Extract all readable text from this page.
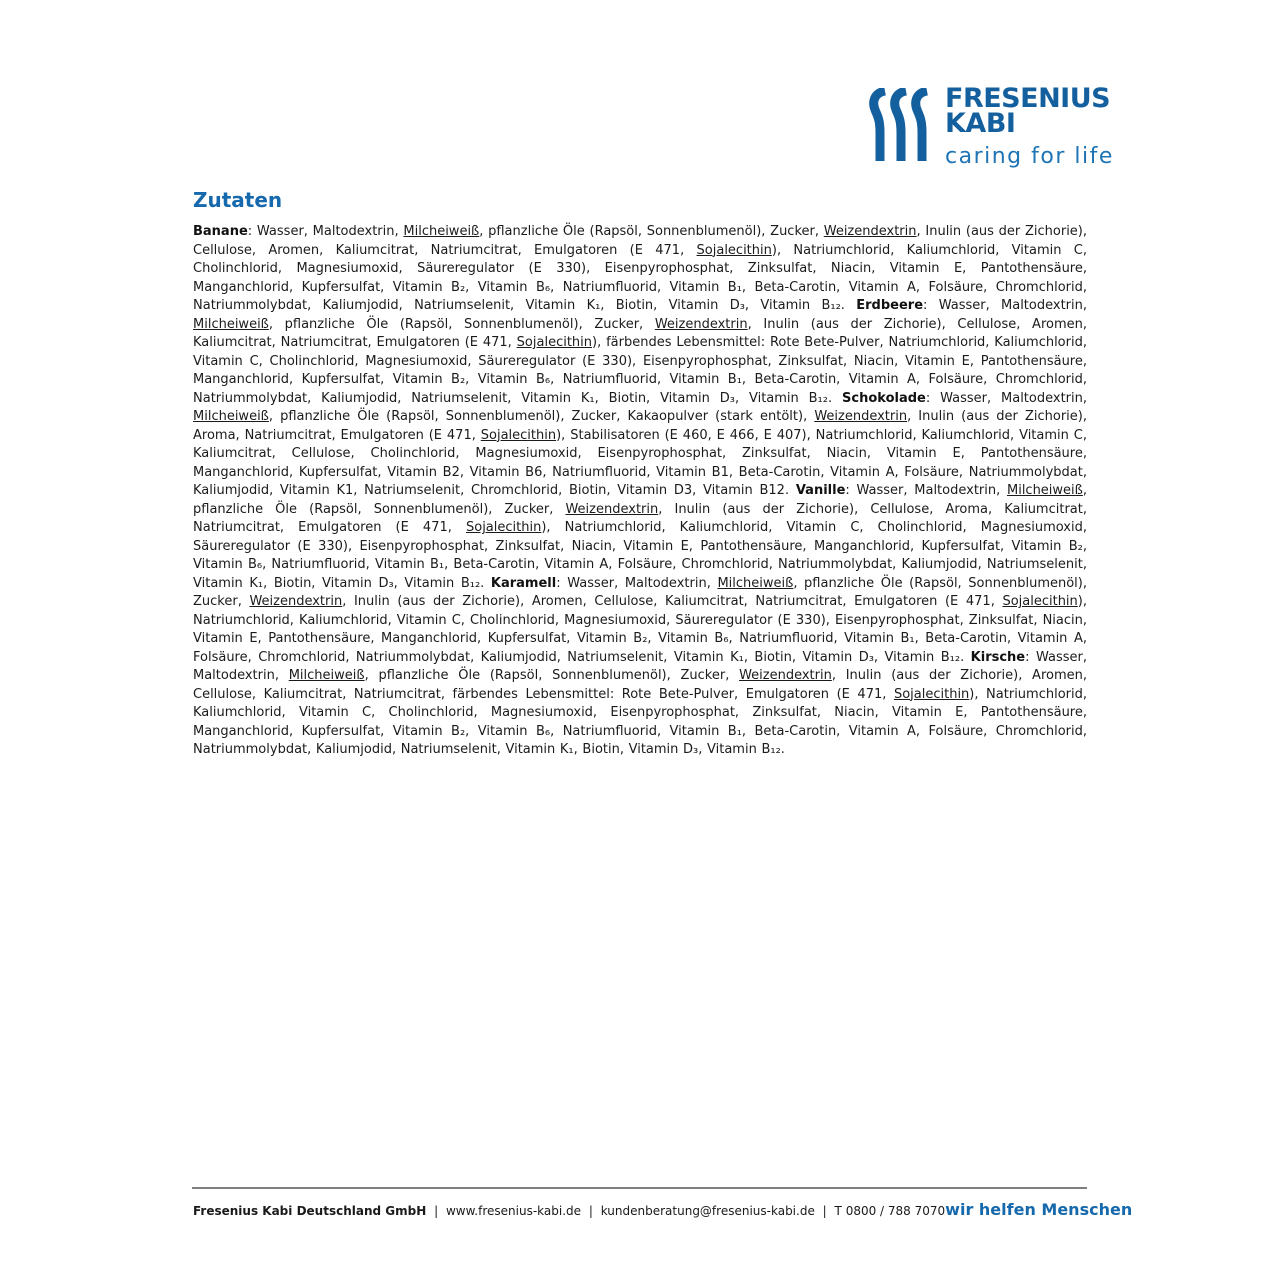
FRESENIUS
KABI
caring for life
Zutaten

Banane: Wasser, Maltodextrin, Milcheiweiß, pflanzliche Öle (Rapsöl, Sonnenblumenöl), Zucker, Weizendextrin, Inulin (aus der Zichorie), Cellulose, Aromen, Kaliumcitrat, Natriumcitrat, Emulgatoren (E 471, Sojalecithin), Natriumchlorid, Kaliumchlorid, Vitamin C, Cholinchlorid, Magnesiumoxid, Säureregulator (E 330), Eisenpyrophosphat, Zinksulfat, Niacin, Vitamin E, Pantothensäure, Manganchlorid, Kupfersulfat, Vitamin B₂, Vitamin B₆, Natriumfluorid, Vitamin B₁, Beta-Carotin, Vitamin A, Folsäure, Chromchlorid, Natriummolybdat, Kaliumjodid, Natriumselenit, Vitamin K₁, Biotin, Vitamin D₃, Vitamin B₁₂. Erdbeere: Wasser, Maltodextrin, Milcheiweiß, pflanzliche Öle (Rapsöl, Sonnenblumenöl), Zucker, Weizendextrin, Inulin (aus der Zichorie), Cellulose, Aromen, Kaliumcitrat, Natriumcitrat, Emulgatoren (E 471, Sojalecithin), färbendes Lebensmittel: Rote Bete-Pulver, Natriumchlorid, Kaliumchlorid, Vitamin C, Cholinchlorid, Magnesiumoxid, Säureregulator (E 330), Eisenpyrophosphat, Zinksulfat, Niacin, Vitamin E, Pantothensäure, Manganchlorid, Kupfersulfat, Vitamin B₂, Vitamin B₆, Natriumfluorid, Vitamin B₁, Beta-Carotin, Vitamin A, Folsäure, Chromchlorid, Natriummolybdat, Kaliumjodid, Natriumselenit, Vitamin K₁, Biotin, Vitamin D₃, Vitamin B₁₂. Schokolade: Wasser, Maltodextrin, Milcheiweiß, pflanzliche Öle (Rapsöl, Sonnenblumenöl), Zucker, Kakaopulver (stark entölt), Weizendextrin, Inulin (aus der Zichorie), Aroma, Natriumcitrat, Emulgatoren (E 471, Sojalecithin), Stabilisatoren (E 460, E 466, E 407), Natriumchlorid, Kaliumchlorid, Vitamin C, Kaliumcitrat, Cellulose, Cholinchlorid, Magnesiumoxid, Eisenpyrophosphat, Zinksulfat, Niacin, Vitamin E, Pantothensäure, Manganchlorid, Kupfersulfat, Vitamin B2, Vitamin B6, Natriumfluorid, Vitamin B1, Beta-Carotin, Vitamin A, Folsäure, Natriummolybdat, Kaliumjodid, Vitamin K1, Natriumselenit, Chromchlorid, Biotin, Vitamin D3, Vitamin B12. Vanille: Wasser, Maltodextrin, Milcheiweiß, pflanzliche Öle (Rapsöl, Sonnenblumenöl), Zucker, Weizendextrin, Inulin (aus der Zichorie), Cellulose, Aroma, Kaliumcitrat, Natriumcitrat, Emulgatoren (E 471, Sojalecithin), Natriumchlorid, Kaliumchlorid, Vitamin C, Cholinchlorid, Magnesiumoxid, Säureregulator (E 330), Eisenpyrophosphat, Zinksulfat, Niacin, Vitamin E, Pantothensäure, Manganchlorid, Kupfersulfat, Vitamin B₂, Vitamin B₆, Natriumfluorid, Vitamin B₁, Beta-Carotin, Vitamin A, Folsäure, Chromchlorid, Natriummolybdat, Kaliumjodid, Natriumselenit, Vitamin K₁, Biotin, Vitamin D₃, Vitamin B₁₂. Karamell: Wasser, Maltodextrin, Milcheiweiß, pflanzliche Öle (Rapsöl, Sonnenblumenöl), Zucker, Weizendextrin, Inulin (aus der Zichorie), Aromen, Cellulose, Kaliumcitrat, Natriumcitrat, Emulgatoren (E 471, Sojalecithin), Natriumchlorid, Kaliumchlorid, Vitamin C, Cholinchlorid, Magnesiumoxid, Säureregulator (E 330), Eisenpyrophosphat, Zinksulfat, Niacin, Vitamin E, Pantothensäure, Manganchlorid, Kupfersulfat, Vitamin B₂, Vitamin B₆, Natriumfluorid, Vitamin B₁, Beta-Carotin, Vitamin A, Folsäure, Chromchlorid, Natriummolybdat, Kaliumjodid, Natriumselenit, Vitamin K₁, Biotin, Vitamin D₃, Vitamin B₁₂. Kirsche: Wasser, Maltodextrin, Milcheiweiß, pflanzliche Öle (Rapsöl, Sonnenblumenöl), Zucker, Weizendextrin, Inulin (aus der Zichorie), Aromen, Cellulose, Kaliumcitrat, Natriumcitrat, färbendes Lebensmittel: Rote Bete-Pulver, Emulgatoren (E 471, Sojalecithin), Natriumchlorid, Kaliumchlorid, Vitamin C, Cholinchlorid, Magnesiumoxid, Eisenpyrophosphat, Zinksulfat, Niacin, Vitamin E, Pantothensäure, Manganchlorid, Kupfersulfat, Vitamin B₂, Vitamin B₆, Natriumfluorid, Vitamin B₁, Beta-Carotin, Vitamin A, Folsäure, Chromchlorid, Natriummolybdat, Kaliumjodid, Natriumselenit, Vitamin K₁, Biotin, Vitamin D₃, Vitamin B₁₂.

Fresenius Kabi Deutschland GmbH | www.fresenius-kabi.de | kundenberatung@fresenius-kabi.de | T 0800 / 788 7070 wir helfen Menschen
